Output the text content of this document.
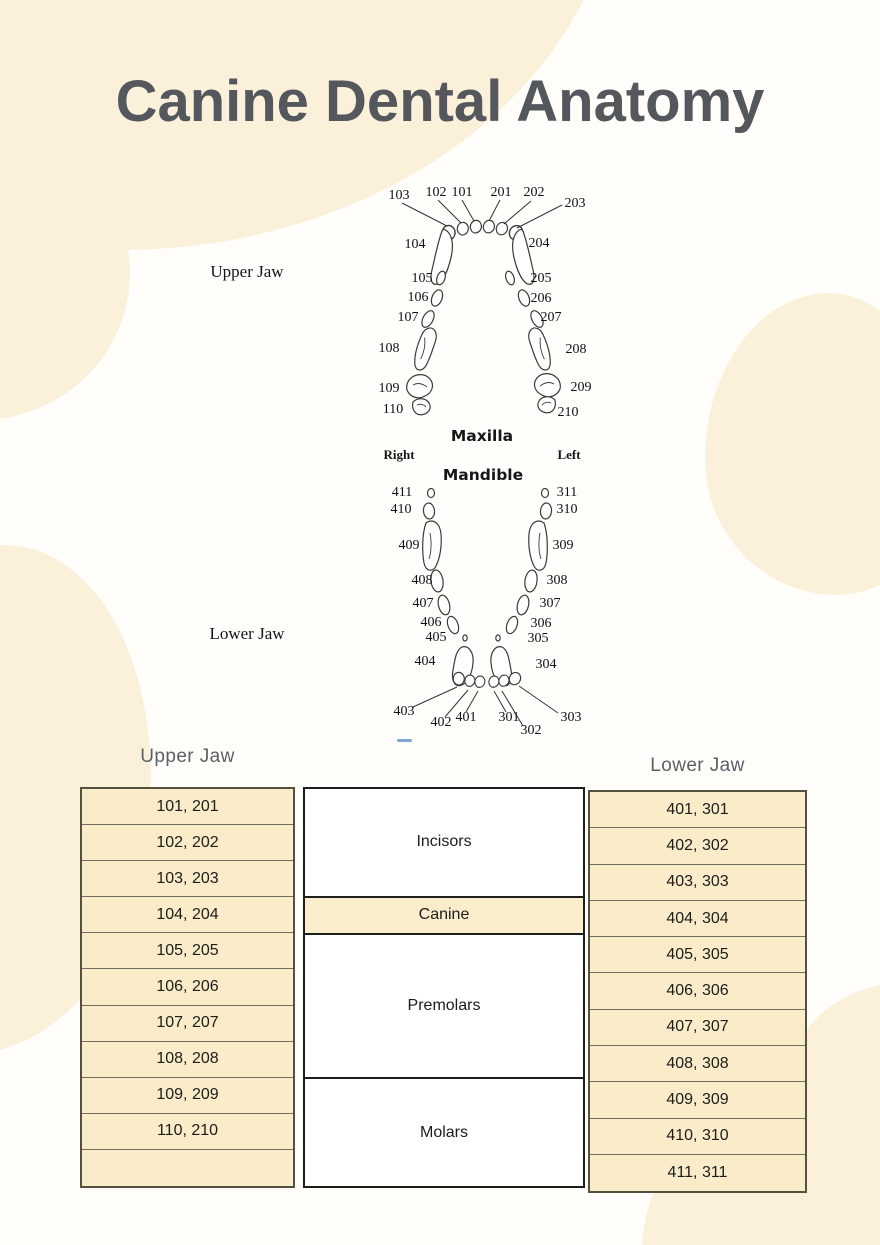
Canine Dental Anatomy
Upper Jaw
Lower Jaw
103 102 101 201 202
203
104	204
105	205
106	206
107	207
108	208
109	209
110	210
411	311
410	310
409	309
408	308
407	307
406	306
405	305
404	304
403
402 401 301
302
303
Maxilla
Right	Left
Mandible
Upper Jaw	Lower Jaw
101, 201
102, 202
103, 203
104, 204
105, 205
106, 206
107, 207
108, 208
109, 209
110, 210
Incisors
Canine
Premolars
Molars
401, 301
402, 302
403, 303
404, 304
405, 305
406, 306
407, 307
408, 308
409, 309
410, 310
411, 311
